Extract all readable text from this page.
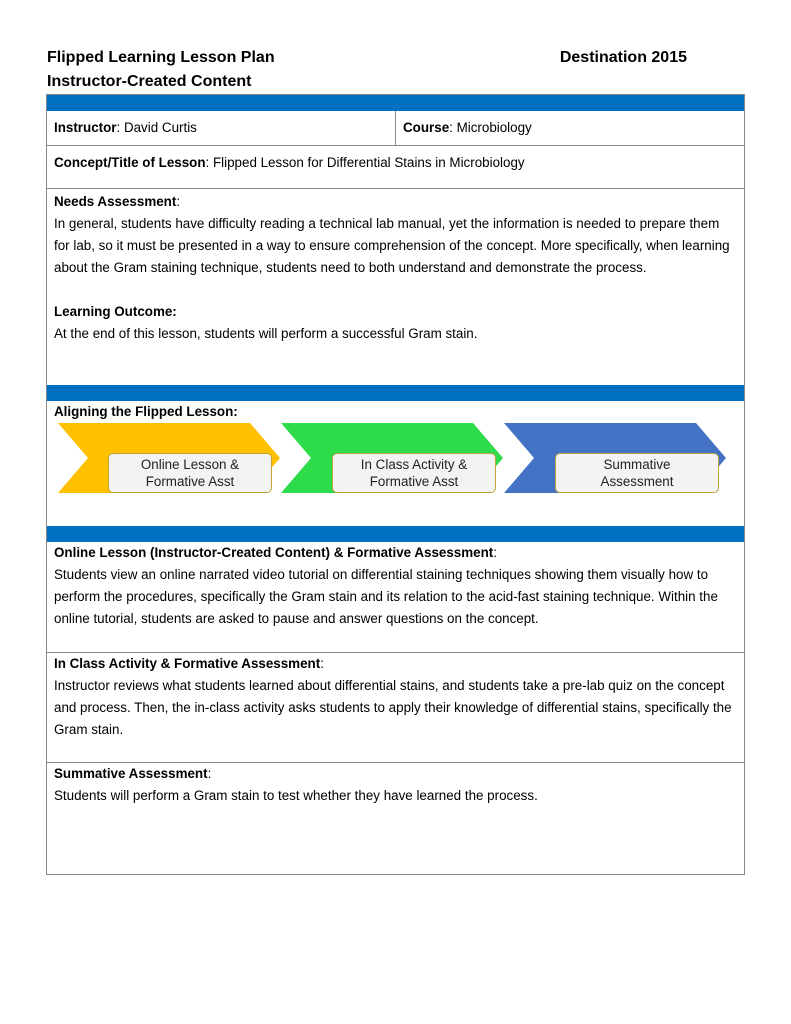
Flipped Learning Lesson Plan
Instructor-Created Content
Destination 2015
Instructor: David Curtis	Course: Microbiology
Concept/Title of Lesson: Flipped Lesson for Differential Stains in Microbiology
Needs Assessment:

In general, students have difficulty reading a technical lab manual, yet the information is needed to prepare them for lab, so it must be presented in a way to ensure comprehension of the concept. More specifically, when learning about the Gram staining technique, students need to both understand and demonstrate the process.

Learning Outcome:

At the end of this lesson, students will perform a successful Gram stain.

Aligning the Flipped Lesson:
Online Lesson &
Formative Asst
In Class Activity &
Formative Asst
Summative
Assessment
Online Lesson (Instructor-Created Content) & Formative Assessment:

Students view an online narrated video tutorial on differential staining techniques showing them visually how to perform the procedures, specifically the Gram stain and its relation to the acid-fast staining technique. Within the online tutorial, students are asked to pause and answer questions on the concept.

In Class Activity & Formative Assessment:

Instructor reviews what students learned about differential stains, and students take a pre-lab quiz on the concept and process. Then, the in-class activity asks students to apply their knowledge of differential stains, specifically the Gram stain.

Summative Assessment:

Students will perform a Gram stain to test whether they have learned the process.
